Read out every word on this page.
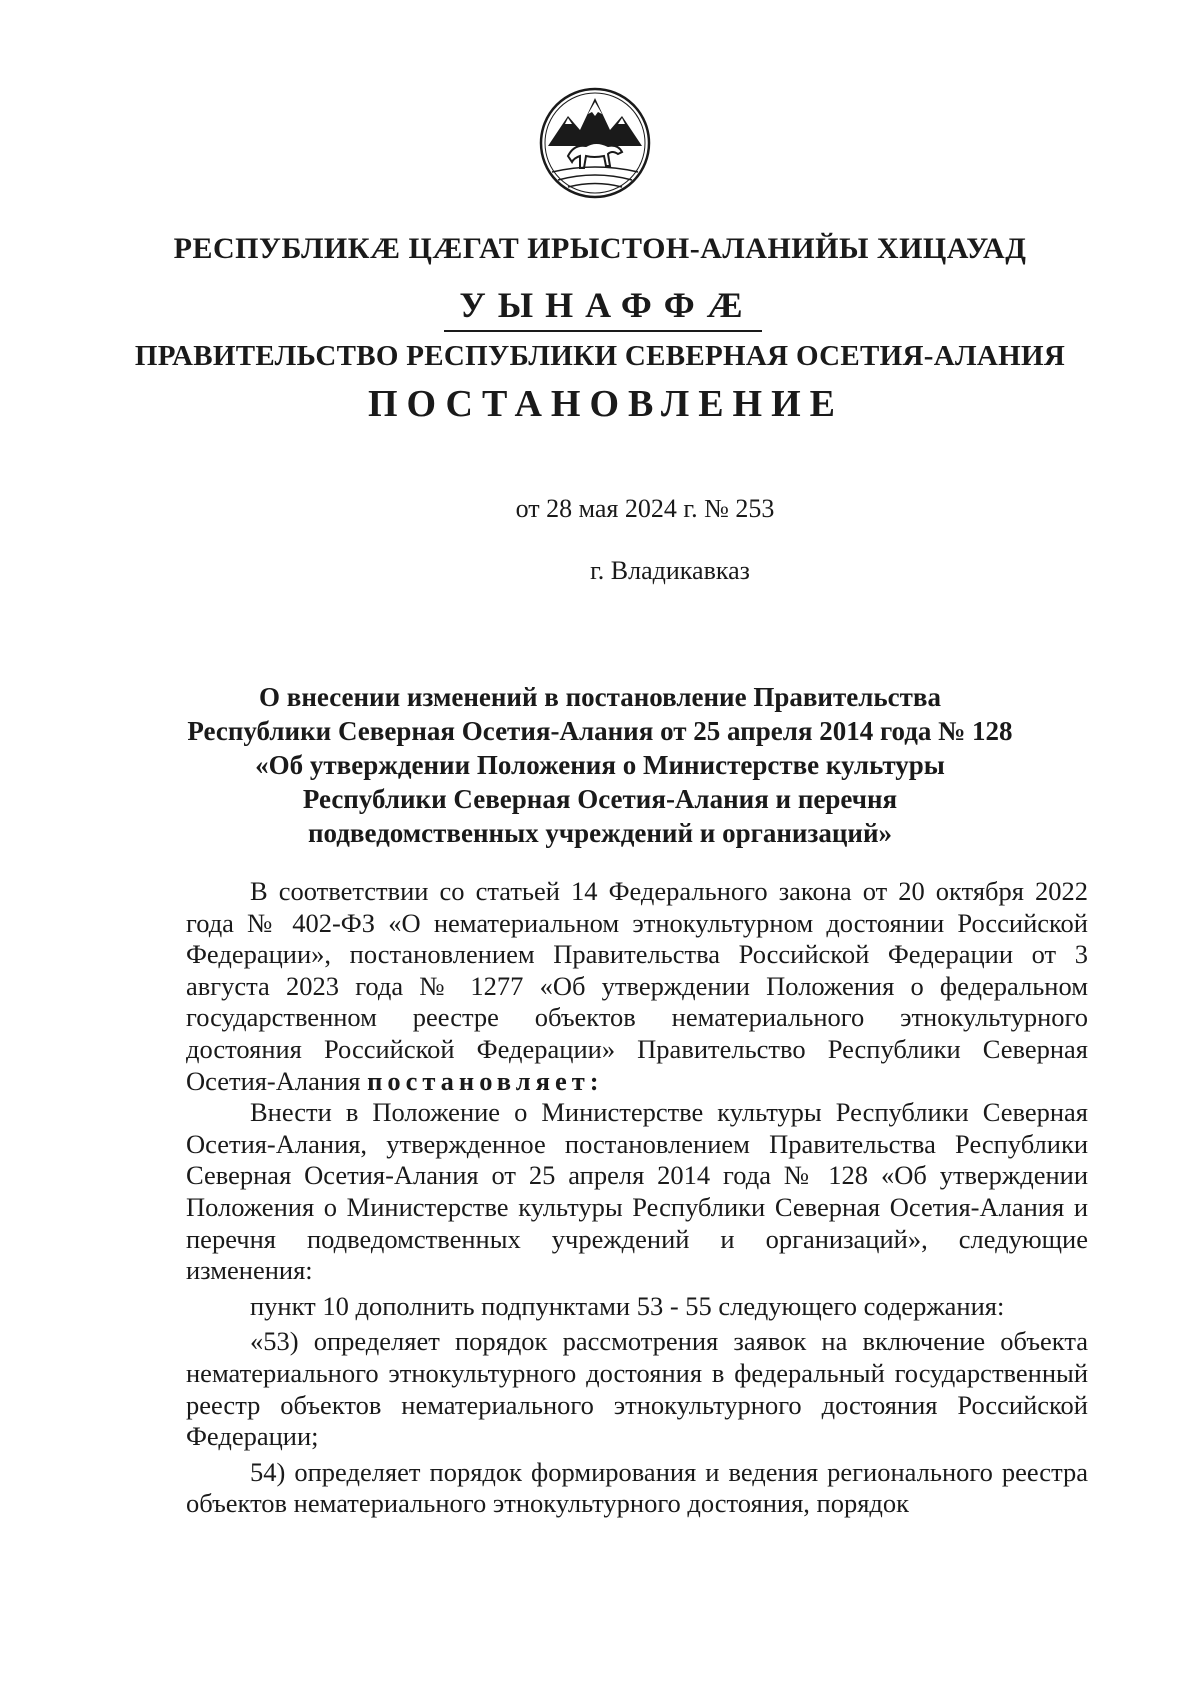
РЕСПУБЛИКӔ ЦӔГАТ ИРЫСТОН-АЛАНИЙЫ ХИЦАУАД
УЫНАФФӔ
ПРАВИТЕЛЬСТВО РЕСПУБЛИКИ СЕВЕРНАЯ ОСЕТИЯ-АЛАНИЯ
ПОСТАНОВЛЕНИЕ
от 28 мая 2024 г. № 253
г. Владикавказ
О внесении изменений в постановление Правительства
Республики Северная Осетия-Алания от 25 апреля 2014 года № 128
«Об утверждении Положения о Министерстве культуры
Республики Северная Осетия-Алания и перечня
подведомственных учреждений и организаций»

В соответствии со статьей 14 Федерального закона от 20 октября 2022 года № 402-ФЗ «О нематериальном этнокультурном достоянии Российской Федерации», постановлением Правительства Российской Федерации от 3 августа 2023 года № 1277 «Об утверждении Положения о федеральном государственном реестре объектов нематериального этнокультурного достояния Российской Федерации» Правительство Республики Северная Осетия-Алания постановляет:

Внести в Положение о Министерстве культуры Республики Северная Осетия-Алания, утвержденное постановлением Правительства Республики Северная Осетия-Алания от 25 апреля 2014 года № 128 «Об утверждении Положения о Министерстве культуры Республики Северная Осетия-Алания и перечня подведомственных учреждений и организаций», следующие изменения:

пункт 10 дополнить подпунктами 53 - 55 следующего содержания:

«53) определяет порядок рассмотрения заявок на включение объекта нематериального этнокультурного достояния в федеральный государственный реестр объектов нематериального этнокультурного достояния Российской Федерации;

54) определяет порядок формирования и ведения регионального реестра объектов нематериального этнокультурного достояния, порядок
